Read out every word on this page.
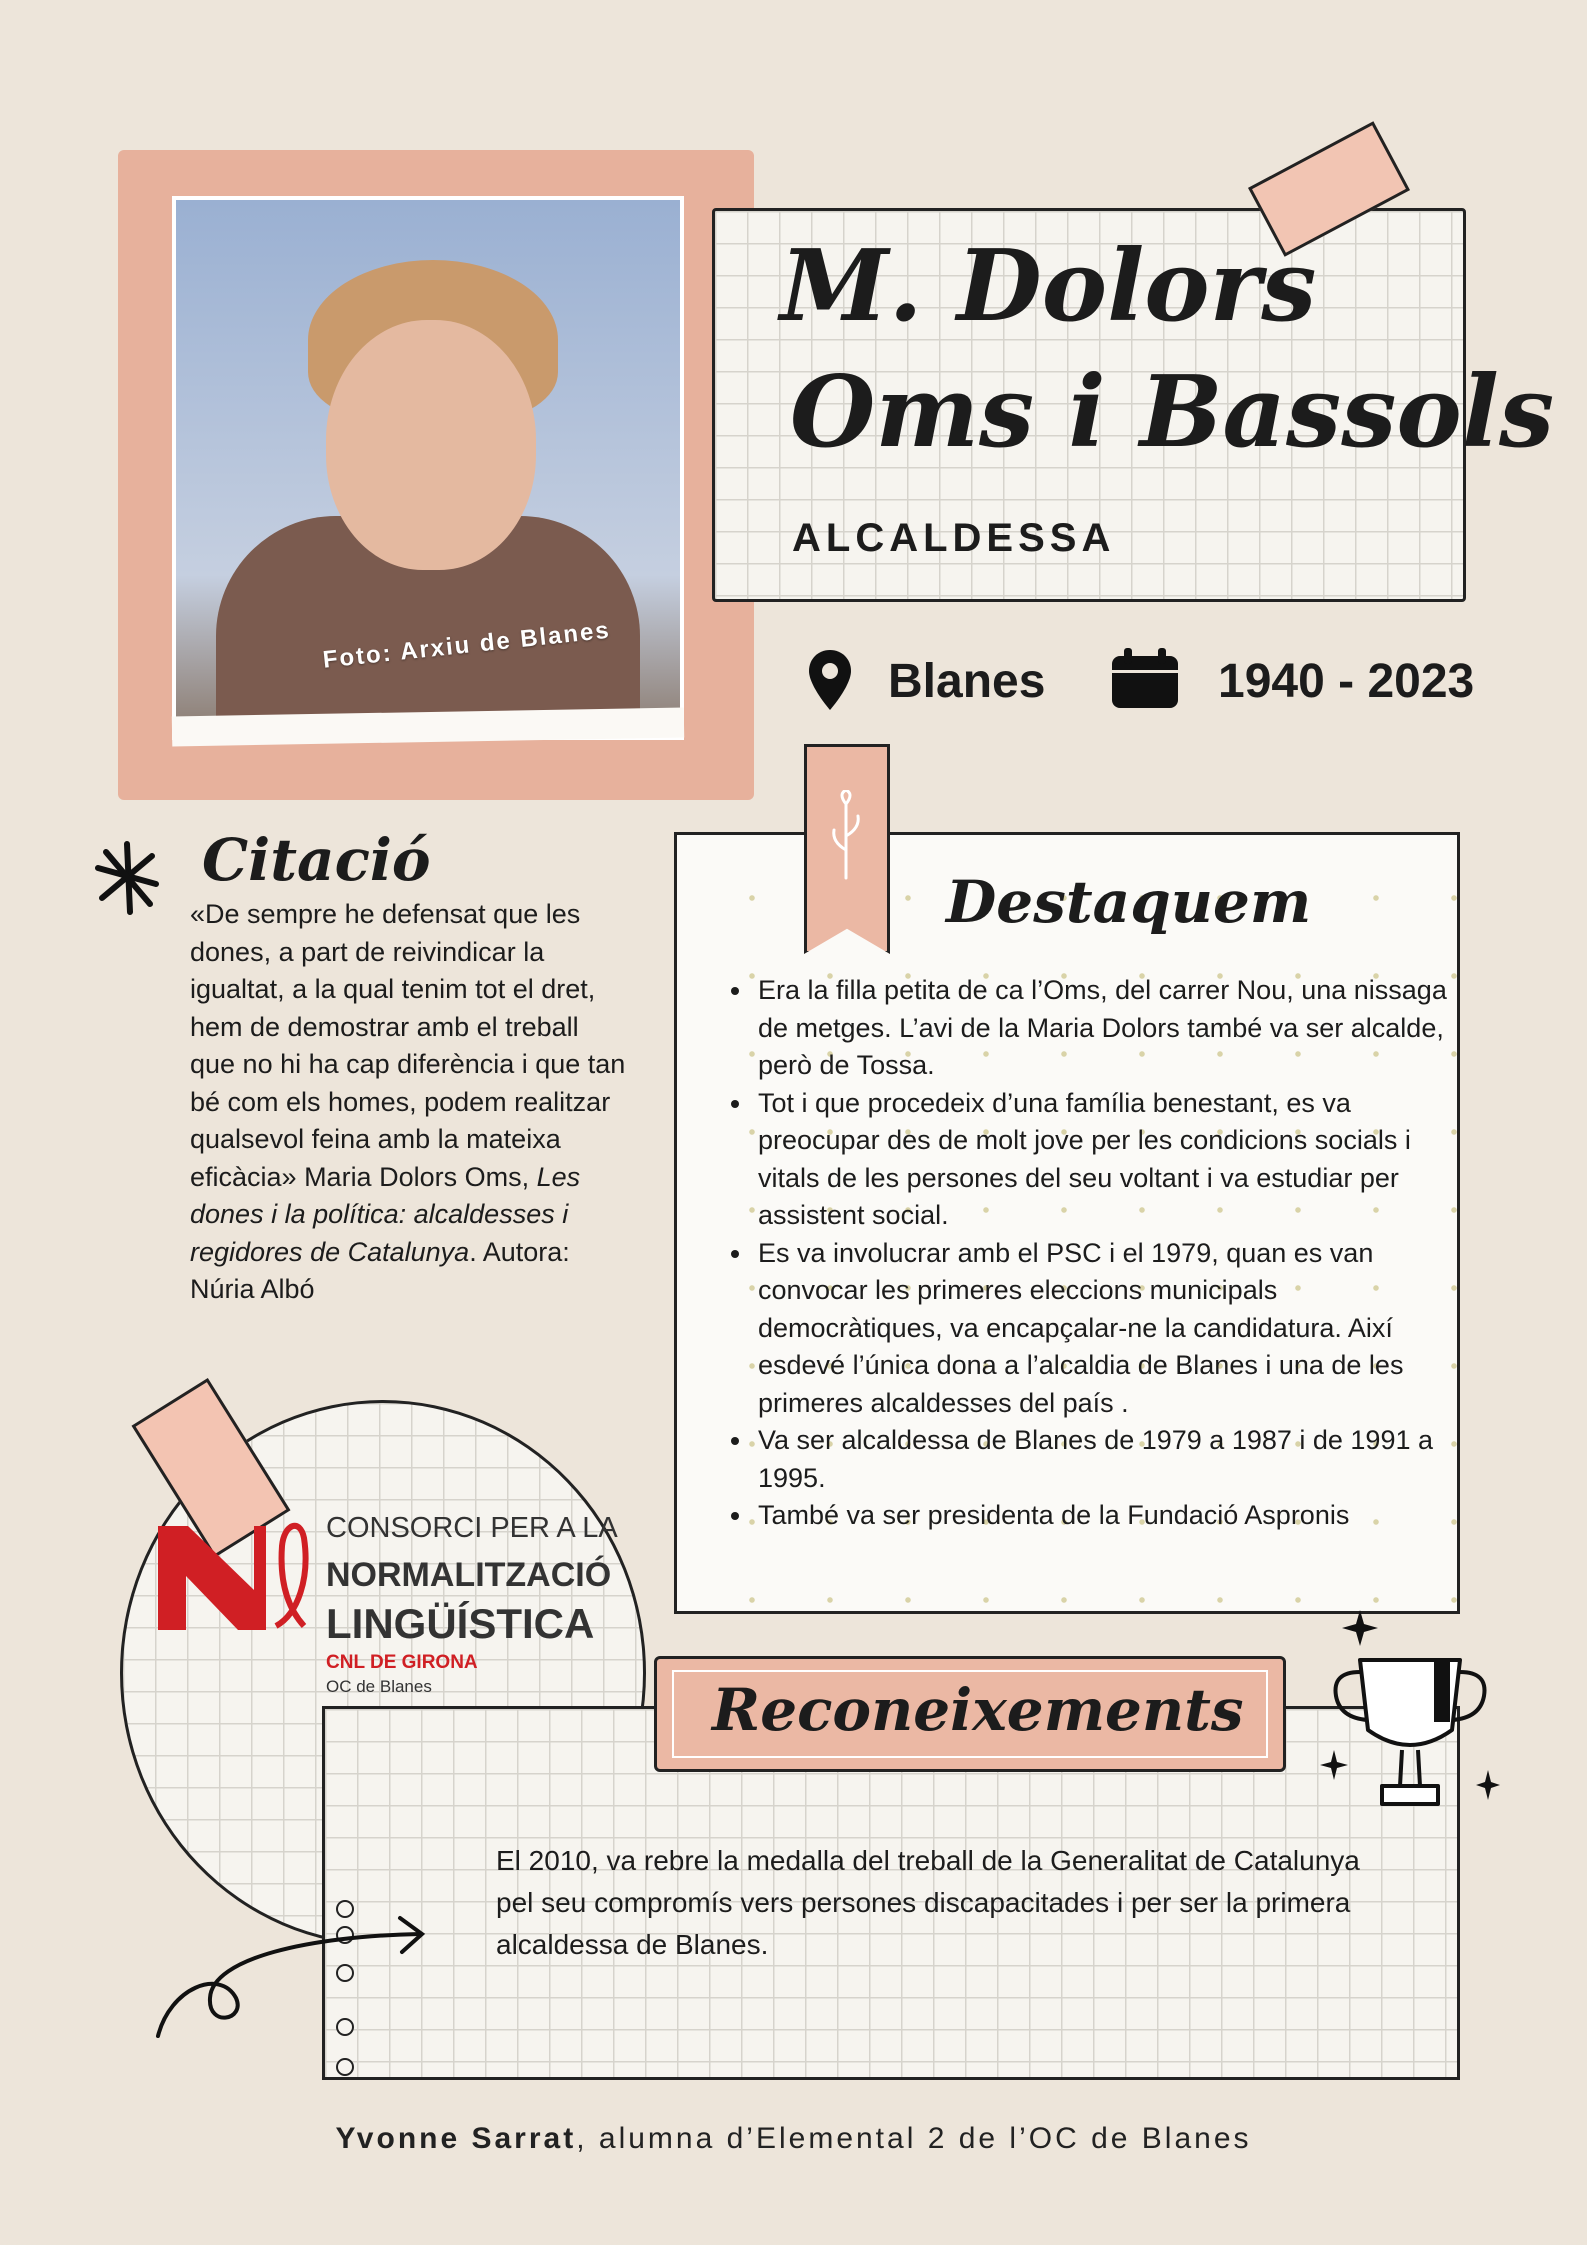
Foto: Arxiu de Blanes
M. Dolors
Oms i Bassols
ALCALDESSA
Blanes	1940 - 2023
Citació
«De sempre he defensat que les dones, a part de reivindicar la igualtat, a la qual tenim tot el dret, hem de demostrar amb el treball que no hi ha cap diferència i que tan bé com els homes, podem realitzar qualsevol feina amb la mateixa eficàcia» Maria Dolors Oms, Les dones i la política: alcaldesses i regidores de Catalunya. Autora: Núria Albó
Destaquem
• Era la filla petita de ca l’Oms, del carrer Nou, una nissaga de metges. L’avi de la Maria Dolors també va ser alcalde, però de Tossa.
• Tot i que procedeix d’una família benestant, es va preocupar des de molt jove per les condicions socials i vitals de les persones del seu voltant i va estudiar per assistent social.
• Es va involucrar amb el PSC i el 1979, quan es van convocar les primeres eleccions municipals democràtiques, va encapçalar-ne la candidatura. Així esdevé l’única dona a l’alcaldia de Blanes i una de les primeres alcaldesses del país .
• Va ser alcaldessa de Blanes de 1979 a 1987 i de 1991 a 1995.
• També va ser presidenta de la Fundació Aspronis
CONSORCI PER A LA
NORMALITZACIÓ
LINGÜÍSTICA
CNL DE GIRONA
OC de Blanes	Reconeixements
El 2010, va rebre la medalla del treball de la Generalitat de Catalunya pel seu compromís vers persones discapacitades i per ser la primera alcaldessa de Blanes.
Yvonne Sarrat, alumna d’Elemental 2 de l’OC de Blanes
